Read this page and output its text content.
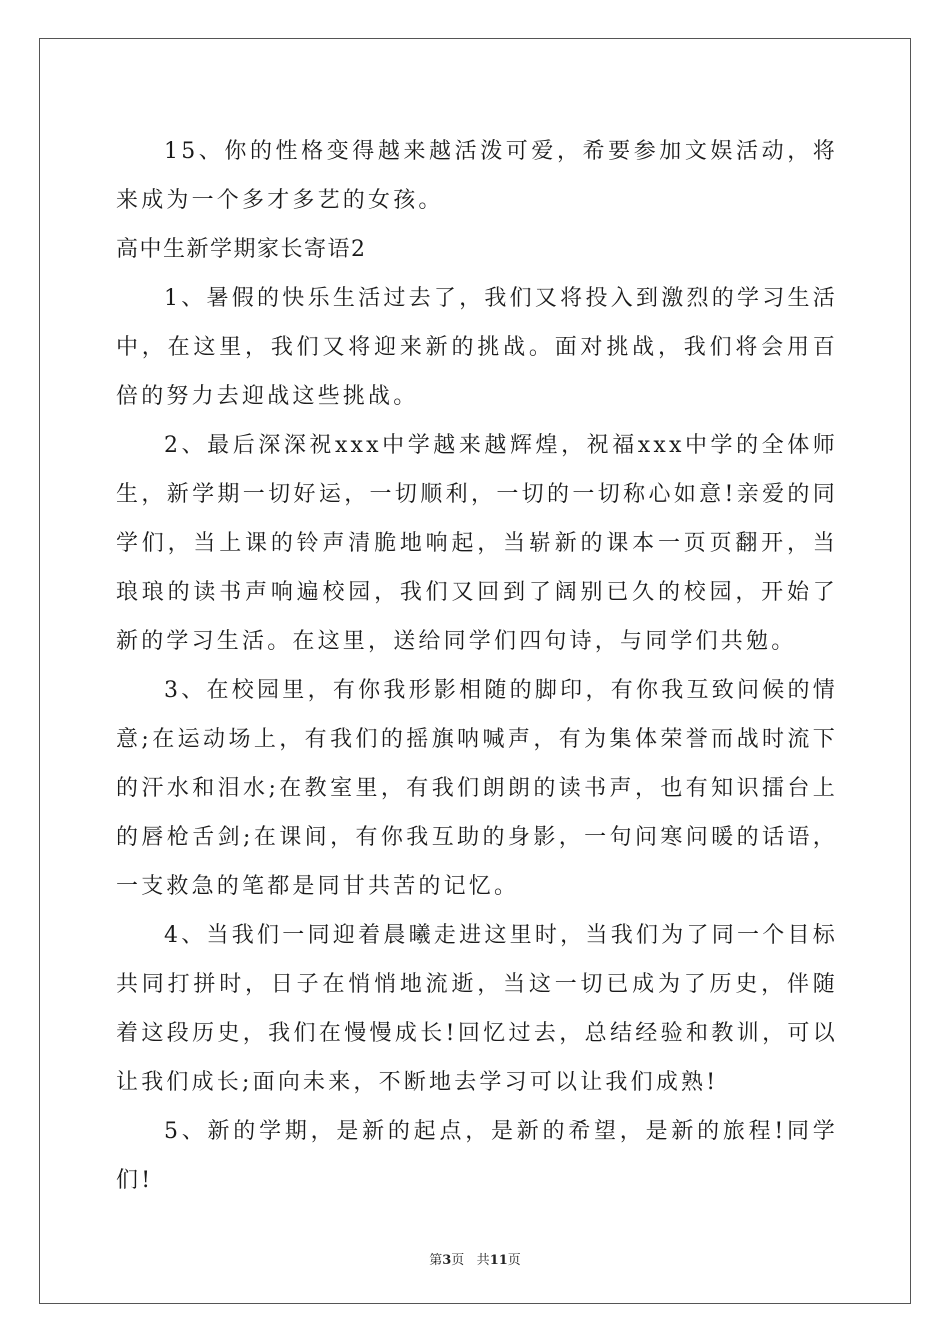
15、你的性格变得越来越活泼可爱，希要参加文娱活动，将来成为一个多才多艺的女孩。

高中生新学期家长寄语2

1、暑假的快乐生活过去了，我们又将投入到激烈的学习生活中，在这里，我们又将迎来新的挑战。面对挑战，我们将会用百倍的努力去迎战这些挑战。

2、最后深深祝xxx中学越来越辉煌，祝福xxx中学的全体师生，新学期一切好运，一切顺利，一切的一切称心如意!亲爱的同学们，当上课的铃声清脆地响起，当崭新的课本一页页翻开，当琅琅的读书声响遍校园，我们又回到了阔别已久的校园，开始了新的学习生活。在这里，送给同学们四句诗，与同学们共勉。

3、在校园里，有你我形影相随的脚印，有你我互致问候的情意;在运动场上，有我们的摇旗呐喊声，有为集体荣誉而战时流下的汗水和泪水;在教室里，有我们朗朗的读书声，也有知识擂台上的唇枪舌剑;在课间，有你我互助的身影，一句问寒问暖的话语，一支救急的笔都是同甘共苦的记忆。

4、当我们一同迎着晨曦走进这里时，当我们为了同一个目标共同打拼时，日子在悄悄地流逝，当这一切已成为了历史，伴随着这段历史，我们在慢慢成长!回忆过去，总结经验和教训，可以让我们成长;面向未来，不断地去学习可以让我们成熟!

5、新的学期，是新的起点，是新的希望，是新的旅程!同学们!

第3页 共11页
